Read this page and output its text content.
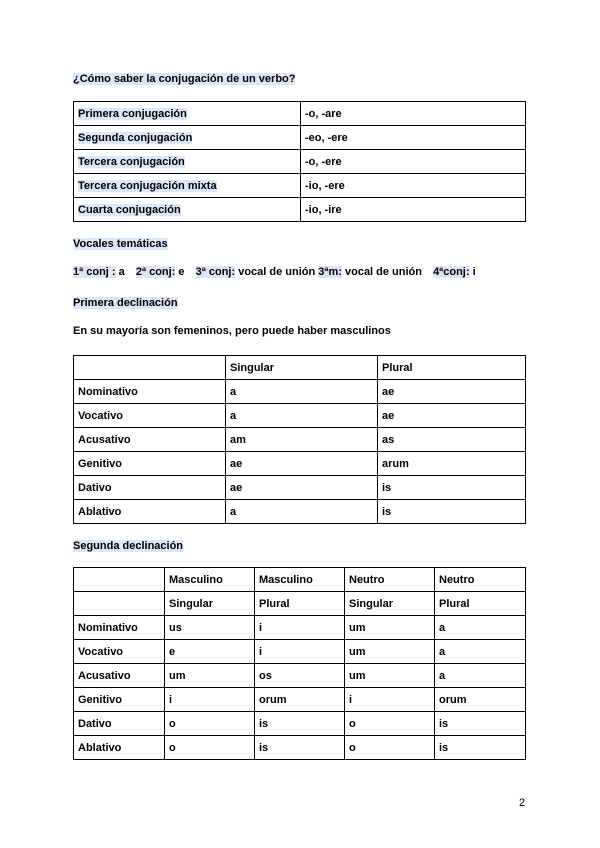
¿Cómo saber la conjugación de un verbo?
Primera conjugación	-o, -are
Segunda conjugación	-eo, -ere
Tercera conjugación	-o, -ere
Tercera conjugación mixta	-io, -ere
Cuarta conjugación	-io, -ire
Vocales temáticas
1ª conj : a 2ª conj: e 3ª conj: vocal de unión 3ªm: vocal de unión 4ªconj: i
Primera declinación
En su mayoría son femeninos, pero puede haber masculinos
	Singular	Plural
Nominativo	a	ae
Vocativo	a	ae
Acusativo	am	as
Genitivo	ae	arum
Dativo	ae	is
Ablativo	a	is
Segunda declinación
	Masculino	Masculino	Neutro	Neutro
	Singular	Plural	Singular	Plural
Nominativo	us	i	um	a
Vocativo	e	i	um	a
Acusativo	um	os	um	a
Genitivo	i	orum	i	orum
Dativo	o	is	o	is
Ablativo	o	is	o	is
2
